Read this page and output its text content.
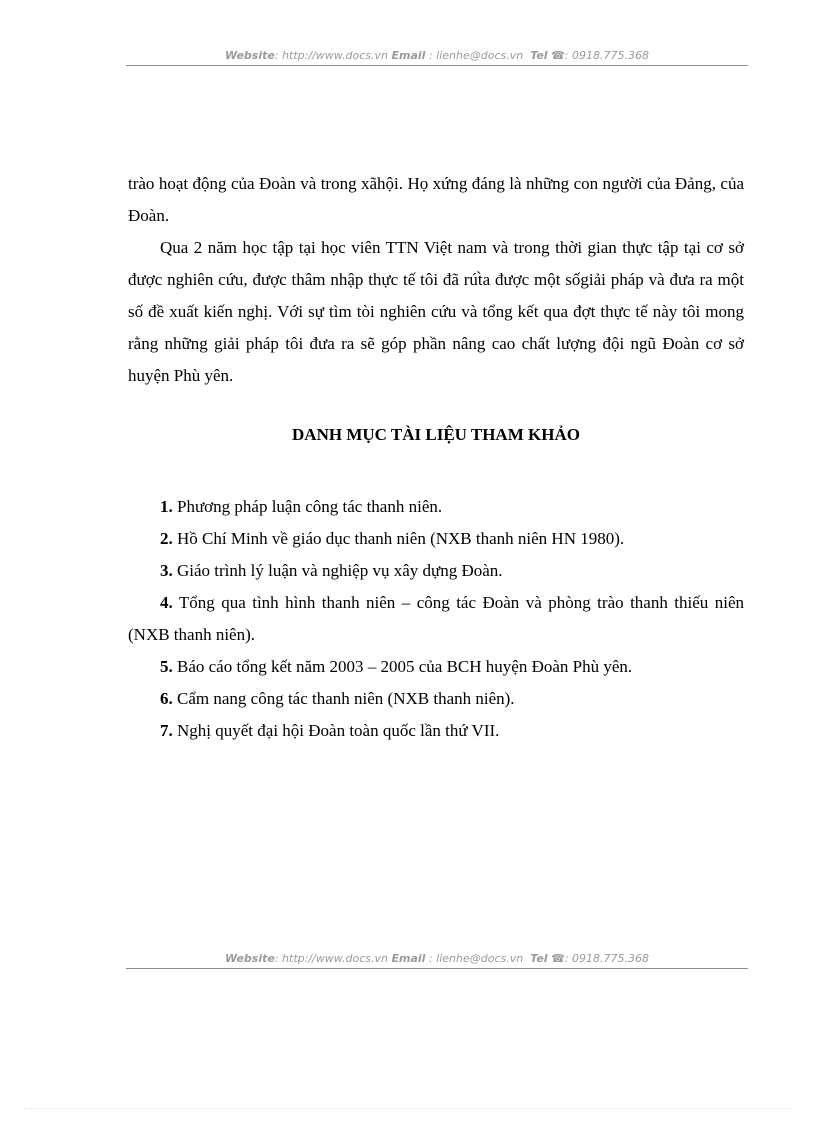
Website: http://www.docs.vn Email : lienhe@docs.vn Tel ☎: 0918.775.368

trào hoạt động của Đoàn và trong xãhội. Họ xứng đáng là những con người của Đảng, của Đoàn.

Qua 2 năm học tập tại học viên TTN Việt nam và trong thời gian thực tập tại cơ sở được nghiên cứu, được thâm nhập thực tế tôi đã rút̀a được một sốgiải pháp và đưa ra một số đề xuất kiến nghị. Với sự tìm tòi nghiên cứu và tổng kết qua đợt thực tế này tôi mong rằng những giải pháp tôi đưa ra sẽ góp phần nâng cao chất lượng đội ngũ Đoàn cơ sở huyện Phù yên.

DANH MỤC TÀI LIỆU THAM KHẢO

1. Phương pháp luận công tác thanh niên.

2. Hồ Chí Minh về giáo dục thanh niên (NXB thanh niên HN 1980).

3. Giáo trình lý luận và nghiệp vụ xây dựng Đoàn.

4. Tổng qua tình hình thanh niên – công tác Đoàn và phòng trào thanh thiếu niên (NXB thanh niên).

5. Báo cáo tổng kết năm 2003 – 2005 của BCH huyện Đoàn Phù yên.

6. Cẩm nang công tác thanh niên (NXB thanh niên).

7. Nghị quyết đại hội Đoàn toàn quốc lần thứ VII.

Website: http://www.docs.vn Email : lienhe@docs.vn Tel ☎: 0918.775.368
